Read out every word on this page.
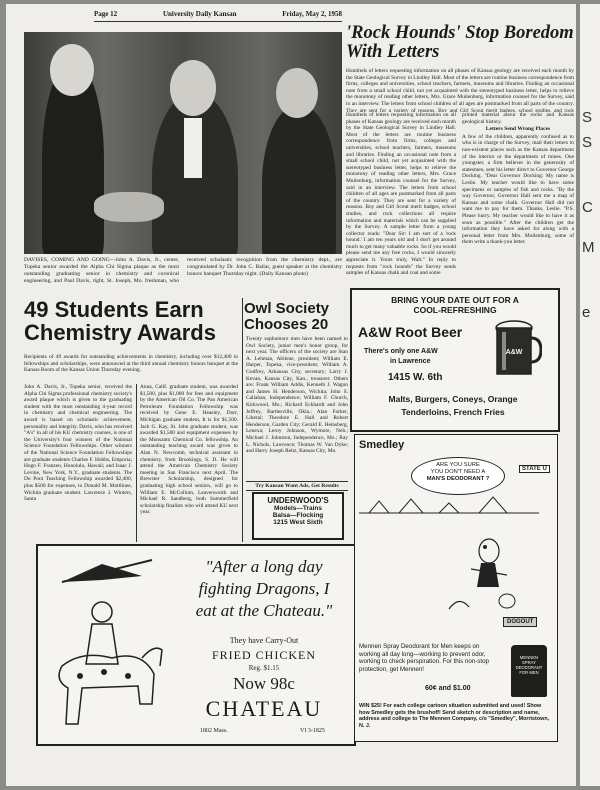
Page 12	University Daily Kansan	Friday, May 2, 1958
DAVISES, COMING AND GOING—John A. Davis, Jr., center, Topeka senior awarded the Alpha Chi Sigma plaque as the most outstanding graduating senior in chemistry and coronical engineering, and Paul Davis, right, St. Joseph, Mo. freshman, who received scholastic recognition from the chemistry dept., are congratulated by Dr. John C. Bailar, guest speaker at the chemistry honors banquet Thursday night. (Daily Kansan photo)
'Rock Hounds' Stop Boredom With Letters
Hundreds of letters requesting information on all phases of Kansas geology are received each month by the State Geological Survey in Lindley Hall. Most of the letters are routine business correspondence from firms, colleges and universities, school teachers, farmers, museums and libraries. Finding an occasional note from a small school child, not yet acquainted with the stereotyped business letter, helps to relieve the monotony of reading other letters, Mrs. Grace Muilenburg, information counsel for the Survey, said in an interview. The letters from school children of all ages are postmarked from all parts of the country. They are sent for a variety of reasons. Boy and Girl Scout merit badges, school studies, and rock
Hundreds of letters requesting information on all phases of Kansas geology are received each month by the State Geological Survey in Lindley Hall. Most of the letters are routine business correspondence from firms, colleges and universities, school teachers, farmers, museums and libraries. Finding an occasional note from a small school child, not yet acquainted with the stereotyped business letter, helps to relieve the monotony of reading other letters, Mrs. Grace Muilenburg, information counsel for the Survey, said in an interview. The letters from school children of all ages are postmarked from all parts of the country. They are sent for a variety of reasons. Boy and Girl Scout merit badges, school studies, and rock collections all require information and materials which can be supplied by the Survey. A sample letter from a young collector reads: "Dear Sir: I am sort of a 'rock hound.' I am ten years old and I don't get around much to get many valuable rocks. So if you would please send me any free rocks, I would sincerely appreciate it. Yours truly, Walt." In reply to requests from "rock hounds" the Survey sends samples of Kansas chalk and coal and some
printed material about the rocks and Kansas geological history.
Letters Send Wrong Places
A few of the children, apparently confused as to who is in charge of the Survey, mail their letters to non-existent places such as the Kansas department of the interior or the department of mines. One youngster, a firm believer in the generosity of statesmen, sent his letter direct to Governor George Docking. "Dear Governor Docking: My name is Leslie. My teacher would like to have some specimens or samples of fish and rocks. "By the way Governor, Governor Hall sent me a map of Kansas and some chalk. Governor Hall did not want me to pay for them. Thanks, Leslie. "P.S. Please hurry. My teacher would like to have it as soon as possible." After the children get the information they have asked for along with a personal letter from Mrs. Muilenburg, some of them write a thank-you letter.
49 Students Earn Chemistry Awards
Recipients of 49 awards for outstanding achievements in chemistry, including over $12,400 in fellowships and scholarships, were announced at the third annual chemistry honors banquet at the Kansas Room of the Kansas Union Thursday evening.
John A. Davis, Jr., Topeka senior, received the Alpha Chi Sigma professional chemistry society's award plaque which is given to the graduating student with the most outstanding 4-year record in chemistry and chemical engineering. The award is based on scholastic achievement, personality and integrity. Davis, who has received "A's" in all of his KU chemistry courses, is one of the University's four winners of the National Science Foundation Fellowships. Other winners of the National Science Foundation Fellowships are graduate students Charles F. Hobbs, Emporia; Hugo F. Franzen, Honolulu, Hawaii; and Isaac J. Levine, New York, N.Y., graduate students. The Du Pont Teaching Fellowship awarded $2,400, plus $500 for expenses, to Donald M. Mottlinee, Wichita graduate student. Lawrence J. Winters, Santa
Anna, Calif. graduate student, was awarded $1,500, plus $1,000 for fees and equipment by the American Oil Co. The Pan American Petroleum Foundation Fellowship was received by Gene E. Heasley, Dorr, Michigan graduate student, It is for $1,500. Jack G. Kay, St. John graduate student, was awarded $1,500 and equipment expenses by the Monsanto Chemical Co. fellowship. An outstanding teaching award was given to Alan N. Newcomb, technical assistant in chemistry, from Brookings, S. D. He will attend the American Chemistry Society meeting in San Francisco next April. The Brewster Scholarship, designed for graduating high school seniors, will go to William E. McCollum, Leavenworth and Michael R. Sandberg, both Summerfield scholarship finalists who will attend KU next year.
Owl Society Chooses 20
Twenty sophomore men have been named to Owl Society, junior men's honor group, for next year. The officers of the society are Stan A. Lehman, Abilene, president; William E. Harper, Topeka, vice-president; William A. Godfrey, Arkansas City, secretary; Larry J. Kevan, Kansas City, Kan., treasurer. Others are: Frank William Addis, Kenneth J. Wagon and James H. Henderson, Wichita; John S. Callahan, Independence; William F. Church, Kirkwood, Mo.; Richard Eckhardt and John Jeffrey, Bartlesville, Okla.; Alan Forker, Liberal; Theodore E. Hall and Robert Henderson, Garden City; Gerald E. Heinsberg, Lenexa; Leroy Johnson, Wymore, Neb.; Michael J. Johnston, Independence, Mo.; Ray L. Nichols, Lawrence; Thomas W. Van Dyke; and Harry Joseph Reitz, Kansas City, Mo.
Try Kansan Want Ads, Get Results
UNDERWOOD'S
Models—Trains
Balsa—Flocking
1215 West Sixth
BRING YOUR DATE OUT FOR A
COOL-REFRESHING
A&W Root Beer
There's only one A&W
in Lawrence
1415 W. 6th
Malts, Burgers, Coneys, Orange
Tenderloins, French Fries
A&W
"After a long day
fighting Dragons, I
eat at the Chateau."
They have Carry-Out
FRIED CHICKEN
Reg. $1.15
Now 98c
CHATEAU
1802 Mass.	VI 3-1825
Smedley
ARE YOU SURE
YOU DON'T NEED A
MAN'S DEODORANT ?
STATE U
DOGOUT
Mennen Spray Deodorant for Men keeps on working all day long—working to prevent odor, working to check perspiration. For this non-stop protection, get Mennen!
60¢ and $1.00
MENNEN
SPRAY
DEODORANT
FOR MEN
WIN $25! For each college cartoon situation submitted and used! Show how Smedley gets the brushoff! Send sketch or description and name, address and college to The Mennen Company, c/o "Smedley", Morristown, N. J.
S
S
C
M
e
